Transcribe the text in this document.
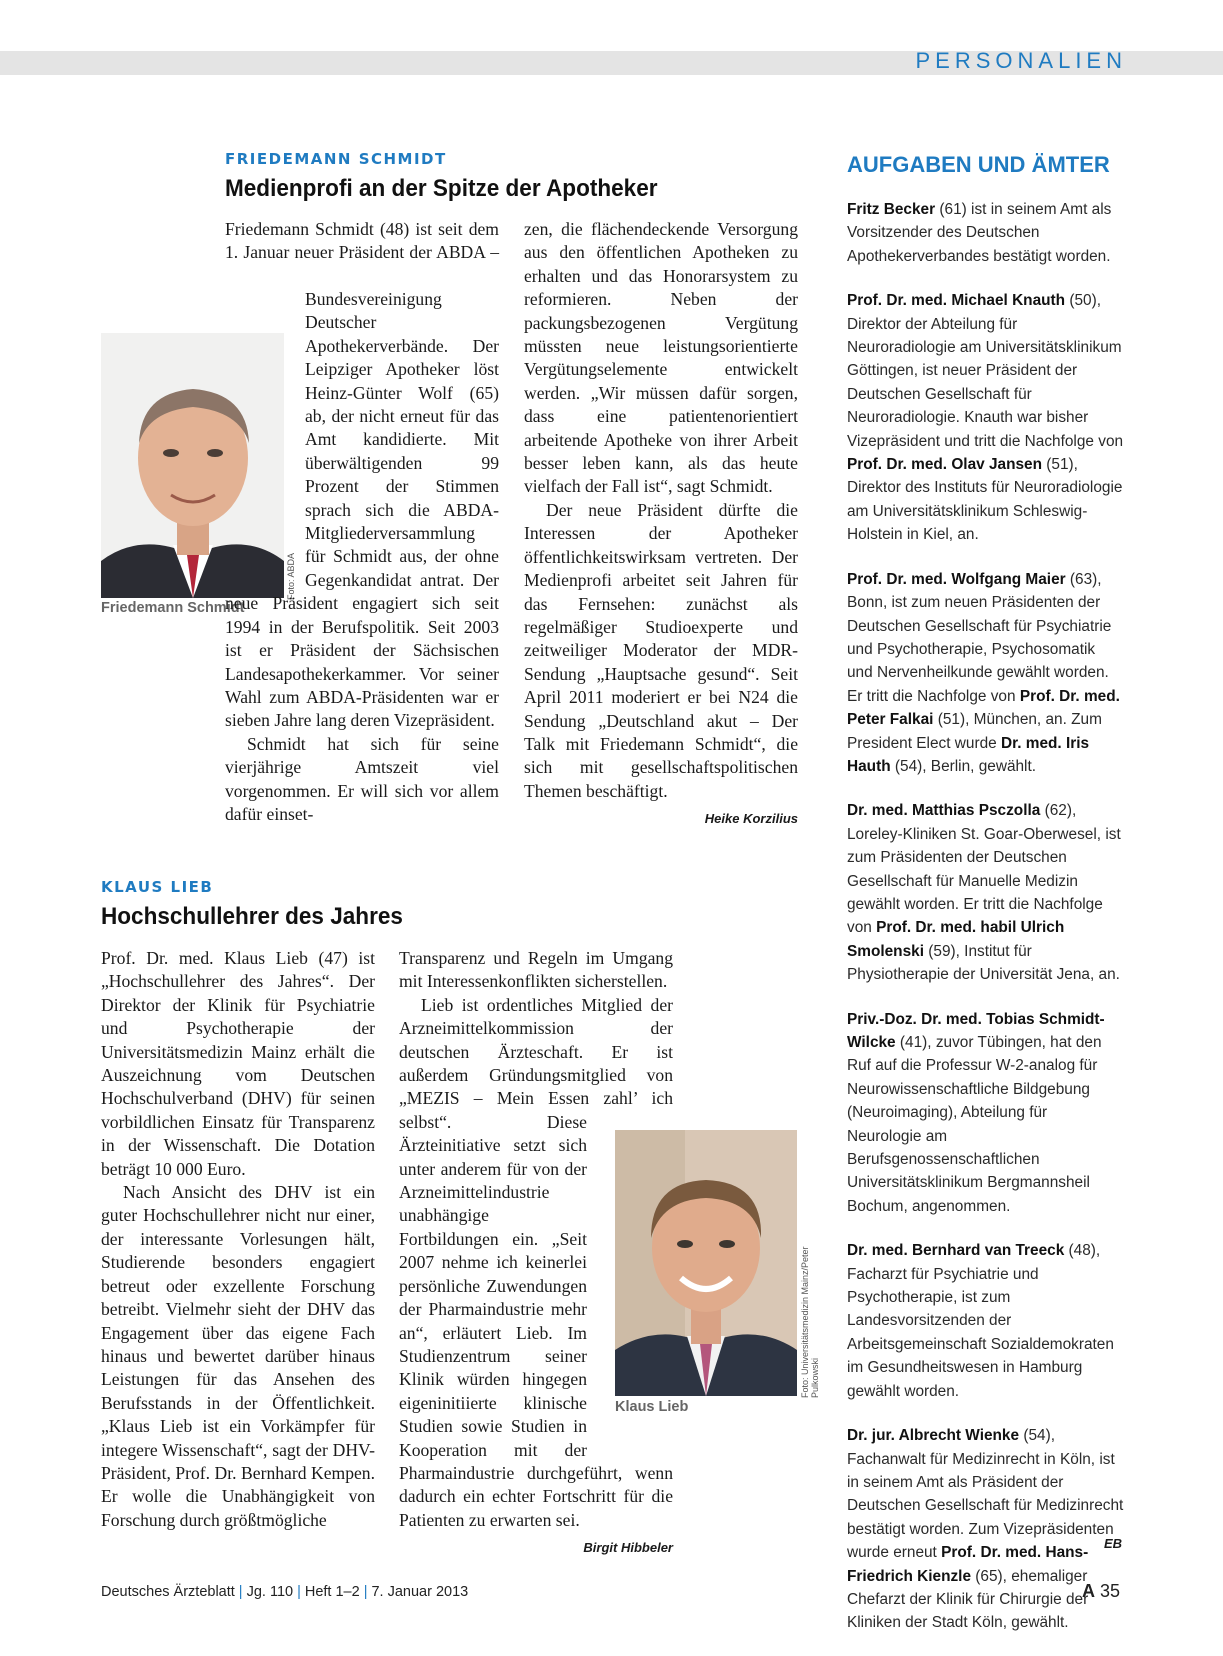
PERSONALIEN
FRIEDEMANN SCHMIDT
Medienprofi an der Spitze der Apotheker
Foto: ABDA
Friedemann Schmidt

Friedemann Schmidt (48) ist seit dem 1. Januar neuer Präsident der ABDA – Bundesvereinigung Deutscher Apothekerverbände. Der Leipziger Apotheker löst Heinz-Günter Wolf (65) ab, der nicht erneut für das Amt kandidierte. Mit überwältigenden 99 Prozent der Stimmen sprach sich die ABDA-Mitgliederversammlung für Schmidt aus, der ohne Gegenkandidat antrat. Der neue Präsident engagiert sich seit 1994 in der Berufspolitik. Seit 2003 ist er Präsident der Sächsischen Landesapothekerkammer. Vor seiner Wahl zum ABDA-Präsidenten war er sieben Jahre lang deren Vizepräsident.

Schmidt hat sich für seine vierjährige Amtszeit viel vorgenommen. Er will sich vor allem dafür einset-

zen, die flächendeckende Versorgung aus den öffentlichen Apotheken zu erhalten und das Honorarsystem zu reformieren. Neben der packungsbezogenen Vergütung müssten neue leistungsorientierte Vergütungselemente entwickelt werden. „Wir müssen dafür sorgen, dass eine patientenorientiert arbeitende Apotheke von ihrer Arbeit besser leben kann, als das heute vielfach der Fall ist“, sagt Schmidt.

Der neue Präsident dürfte die Interessen der Apotheker öffentlichkeitswirksam vertreten. Der Medienprofi arbeitet seit Jahren für das Fernsehen: zunächst als regelmäßiger Studioexperte und zeitweiliger Moderator der MDR-Sendung „Hauptsache gesund“. Seit April 2011 moderiert er bei N24 die Sendung „Deutschland akut – Der Talk mit Friedemann Schmidt“, die sich mit gesellschaftspolitischen Themen beschäftigt.

Heike Korzilius
KLAUS LIEB
Hochschullehrer des Jahres

Prof. Dr. med. Klaus Lieb (47) ist „Hochschullehrer des Jahres“. Der Direktor der Klinik für Psychiatrie und Psychotherapie der Universitätsmedizin Mainz erhält die Auszeichnung vom Deutschen Hochschulverband (DHV) für seinen vorbildlichen Einsatz für Transparenz in der Wissenschaft. Die Dotation beträgt 10 000 Euro.

Nach Ansicht des DHV ist ein guter Hochschullehrer nicht nur einer, der interessante Vorlesungen hält, Studierende besonders engagiert betreut oder exzellente Forschung betreibt. Vielmehr sieht der DHV das Engagement über das eigene Fach hinaus und bewertet darüber hinaus Leistungen für das Ansehen des Berufsstands in der Öffentlichkeit. „Klaus Lieb ist ein Vorkämpfer für integere Wissenschaft“, sagt der DHV-Präsident, Prof. Dr. Bernhard Kempen. Er wolle die Unabhängigkeit von Forschung durch größtmögliche

Foto: Universitätsmedizin Mainz/Peter Pulkowski
Klaus Lieb

Transparenz und Regeln im Umgang mit Interessenkonflikten sicherstellen.

Lieb ist ordentliches Mitglied der Arzneimittelkommission der deutschen Ärzteschaft. Er ist außerdem Gründungsmitglied von „MEZIS – Mein Essen zahl’ ich selbst“. Diese Ärzteinitiative setzt sich unter anderem für von der Arzneimittelindustrie unabhängige Fortbildungen ein. „Seit 2007 nehme ich keinerlei persönliche Zuwendungen der Pharmaindustrie mehr an“, erläutert Lieb. Im Studienzentrum seiner Klinik würden hingegen eigeninitiierte klinische Studien sowie Studien in Kooperation mit der Pharmaindustrie durchgeführt, wenn dadurch ein echter Fortschritt für die Patienten zu erwarten sei.

Birgit Hibbeler
AUFGABEN UND ÄMTER

Fritz Becker (61) ist in seinem Amt als Vorsitzender des Deutschen Apothekerverbandes bestätigt worden.

Prof. Dr. med. Michael Knauth (50), Direktor der Abteilung für Neuroradiologie am Universitätsklinikum Göttingen, ist neuer Präsident der Deutschen Gesellschaft für Neuroradiologie. Knauth war bisher Vizepräsident und tritt die Nachfolge von Prof. Dr. med. Olav Jansen (51), Direktor des Instituts für Neuroradiologie am Universitätsklinikum Schleswig-Holstein in Kiel, an.

Prof. Dr. med. Wolfgang Maier (63), Bonn, ist zum neuen Präsidenten der Deutschen Gesellschaft für Psychiatrie und Psychotherapie, Psychosomatik und Nervenheilkunde gewählt worden. Er tritt die Nachfolge von Prof. Dr. med. Peter Falkai (51), München, an. Zum President Elect wurde Dr. med. Iris Hauth (54), Berlin, gewählt.

Dr. med. Matthias Psczolla (62), Loreley-Kliniken St. Goar-Oberwesel, ist zum Präsidenten der Deutschen Gesellschaft für Manuelle Medizin gewählt worden. Er tritt die Nachfolge von Prof. Dr. med. habil Ulrich Smolenski (59), Institut für Physiotherapie der Universität Jena, an.

Priv.-Doz. Dr. med. Tobias Schmidt-Wilcke (41), zuvor Tübingen, hat den Ruf auf die Professur W-2-analog für Neurowissenschaftliche Bildgebung (Neuroimaging), Abteilung für Neurologie am Berufsgenossenschaftlichen Universitätsklinikum Bergmannsheil Bochum, angenommen.

Dr. med. Bernhard van Treeck (48), Facharzt für Psychiatrie und Psychotherapie, ist zum Landesvorsitzenden der Arbeitsgemeinschaft Sozialdemokraten im Gesundheitswesen in Hamburg gewählt worden.

Dr. jur. Albrecht Wienke (54), Fachanwalt für Medizinrecht in Köln, ist in seinem Amt als Präsident der Deutschen Gesellschaft für Medizinrecht bestätigt worden. Zum Vizepräsidenten wurde erneut Prof. Dr. med. Hans-Friedrich Kienzle (65), ehemaliger Chefarzt der Klinik für Chirurgie der Kliniken der Stadt Köln, gewählt.

EB
Deutsches Ärzteblatt | Jg. 110 | Heft 1–2 | 7. Januar 2013	A 35
